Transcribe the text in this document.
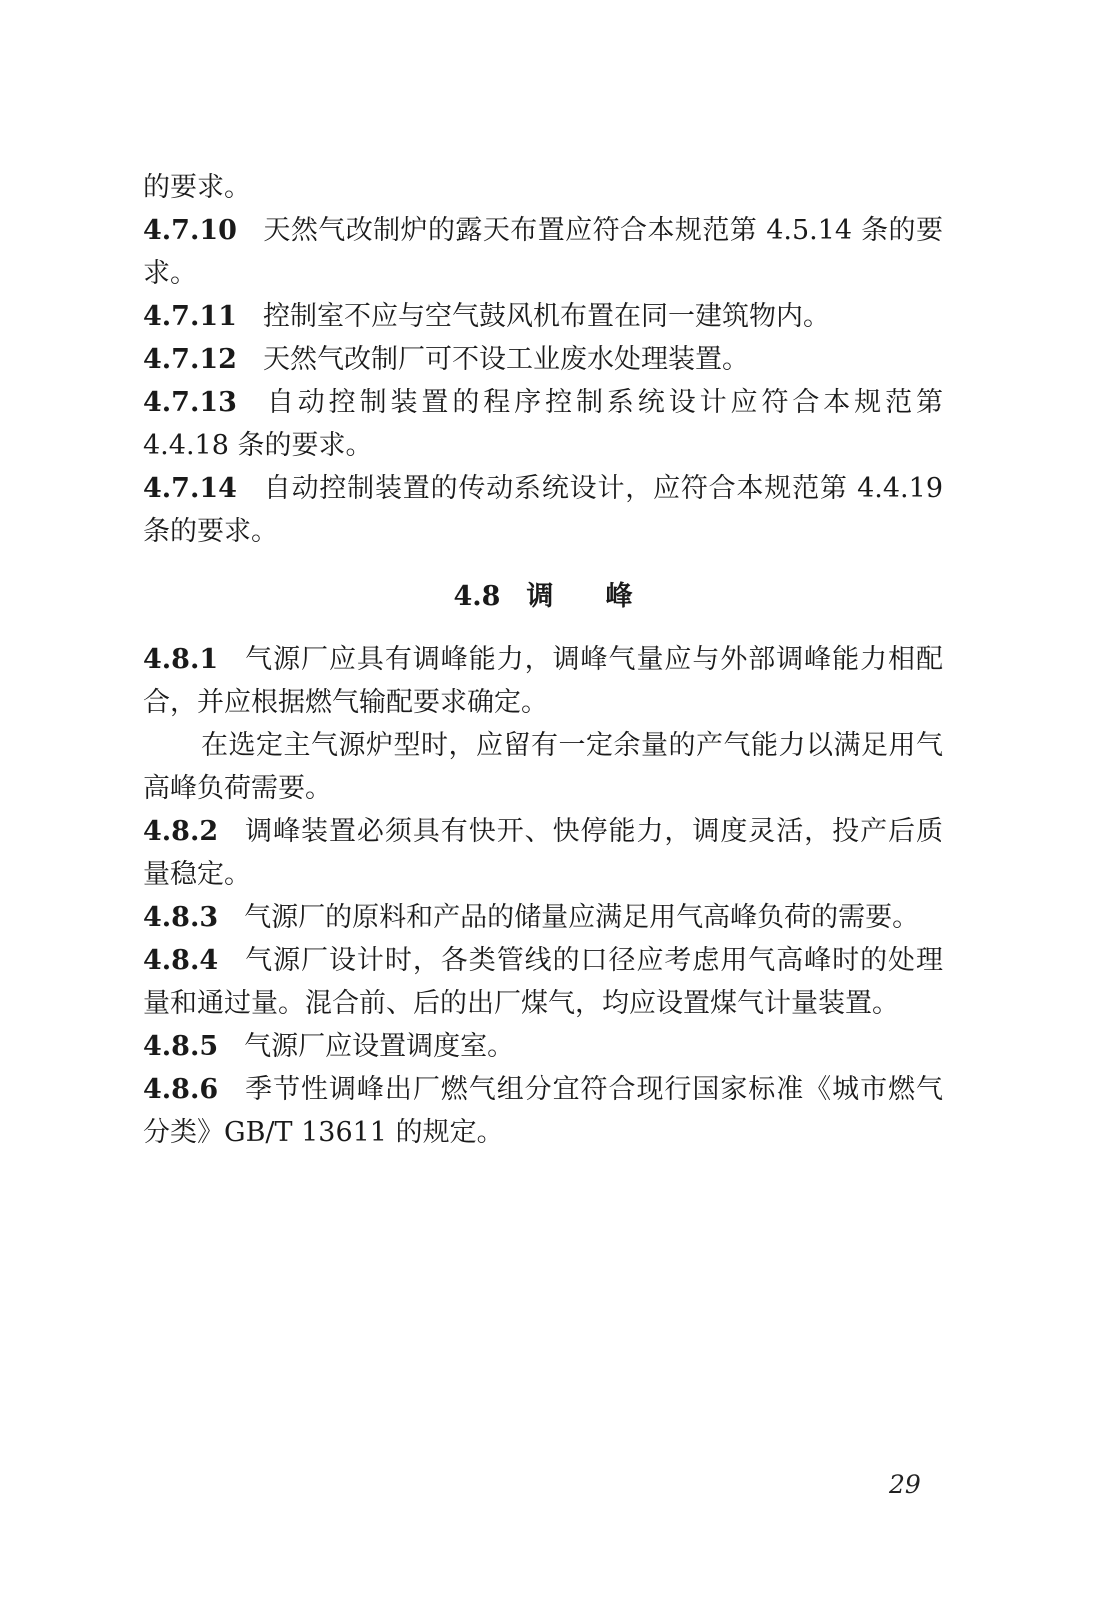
的要求。

4.7.10 天然气改制炉的露天布置应符合本规范第 4.5.14 条的要求。

4.7.11 控制室不应与空气鼓风机布置在同一建筑物内。

4.7.12 天然气改制厂可不设工业废水处理装置。

4.7.13 自动控制装置的程序控制系统设计应符合本规范第 4.4.18 条的要求。

4.7.14 自动控制装置的传动系统设计，应符合本规范第 4.4.19 条的要求。

4.8 调峰

4.8.1 气源厂应具有调峰能力，调峰气量应与外部调峰能力相配合，并应根据燃气输配要求确定。

在选定主气源炉型时，应留有一定余量的产气能力以满足用气高峰负荷需要。

4.8.2 调峰装置必须具有快开、快停能力，调度灵活，投产后质量稳定。

4.8.3 气源厂的原料和产品的储量应满足用气高峰负荷的需要。

4.8.4 气源厂设计时，各类管线的口径应考虑用气高峰时的处理量和通过量。混合前、后的出厂煤气，均应设置煤气计量装置。

4.8.5 气源厂应设置调度室。

4.8.6 季节性调峰出厂燃气组分宜符合现行国家标准《城市燃气分类》GB/T 13611 的规定。

29
